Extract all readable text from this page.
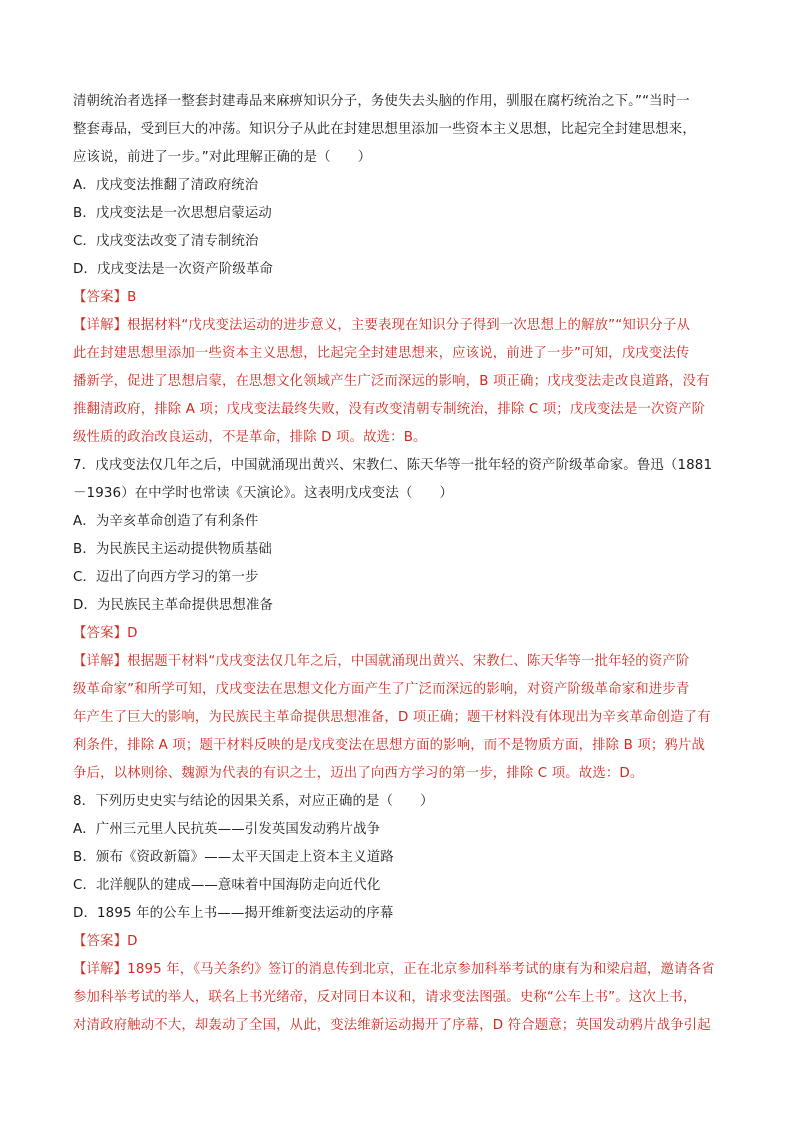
清朝统治者选择一整套封建毒品来麻痹知识分子，务使失去头脑的作用，驯服在腐朽统治之下。”“当时一
整套毒品，受到巨大的冲荡。知识分子从此在封建思想里添加一些资本主义思想，比起完全封建思想来，
应该说，前进了一步。”对此理解正确的是（　　）
A．戊戌变法推翻了清政府统治
B．戊戌变法是一次思想启蒙运动
C．戊戌变法改变了清专制统治
D．戊戌变法是一次资产阶级革命
【答案】B
【详解】根据材料“戊戌变法运动的进步意义，主要表现在知识分子得到一次思想上的解放”“知识分子从
此在封建思想里添加一些资本主义思想，比起完全封建思想来，应该说，前进了一步”可知，戊戌变法传
播新学，促进了思想启蒙，在思想文化领域产生广泛而深远的影响，B 项正确；戊戌变法走改良道路，没有
推翻清政府，排除 A 项；戊戌变法最终失败，没有改变清朝专制统治，排除 C 项；戊戌变法是一次资产阶
级性质的政治改良运动，不是革命，排除 D 项。故选：B。
7．戊戌变法仅几年之后，中国就涌现出黄兴、宋教仁、陈天华等一批年轻的资产阶级革命家。鲁迅（1881
－1936）在中学时也常读《天演论》。这表明戊戌变法（　　）
A．为辛亥革命创造了有利条件
B．为民族民主运动提供物质基础
C．迈出了向西方学习的第一步
D．为民族民主革命提供思想准备
【答案】D
【详解】根据题干材料“戊戌变法仅几年之后，中国就涌现出黄兴、宋教仁、陈天华等一批年轻的资产阶
级革命家”和所学可知，戊戌变法在思想文化方面产生了广泛而深远的影响，对资产阶级革命家和进步青
年产生了巨大的影响，为民族民主革命提供思想准备，D 项正确；题干材料没有体现出为辛亥革命创造了有
利条件，排除 A 项；题干材料反映的是戊戌变法在思想方面的影响，而不是物质方面，排除 B 项；鸦片战
争后，以林则徐、魏源为代表的有识之士，迈出了向西方学习的第一步，排除 C 项。故选：D。
8．下列历史史实与结论的因果关系，对应正确的是（　　）
A．广州三元里人民抗英——引发英国发动鸦片战争
B．颁布《资政新篇》——太平天国走上资本主义道路
C．北洋舰队的建成——意味着中国海防走向近代化
D．1895 年的公车上书——揭开维新变法运动的序幕
【答案】D
【详解】1895 年，《马关条约》签订的消息传到北京，正在北京参加科举考试的康有为和梁启超，邀请各省
参加科举考试的举人，联名上书光绪帝，反对同日本议和，请求变法图强。史称“公车上书”。这次上书，
对清政府触动不大，却轰动了全国，从此，变法维新运动揭开了序幕，D 符合题意；英国发动鸦片战争引起
